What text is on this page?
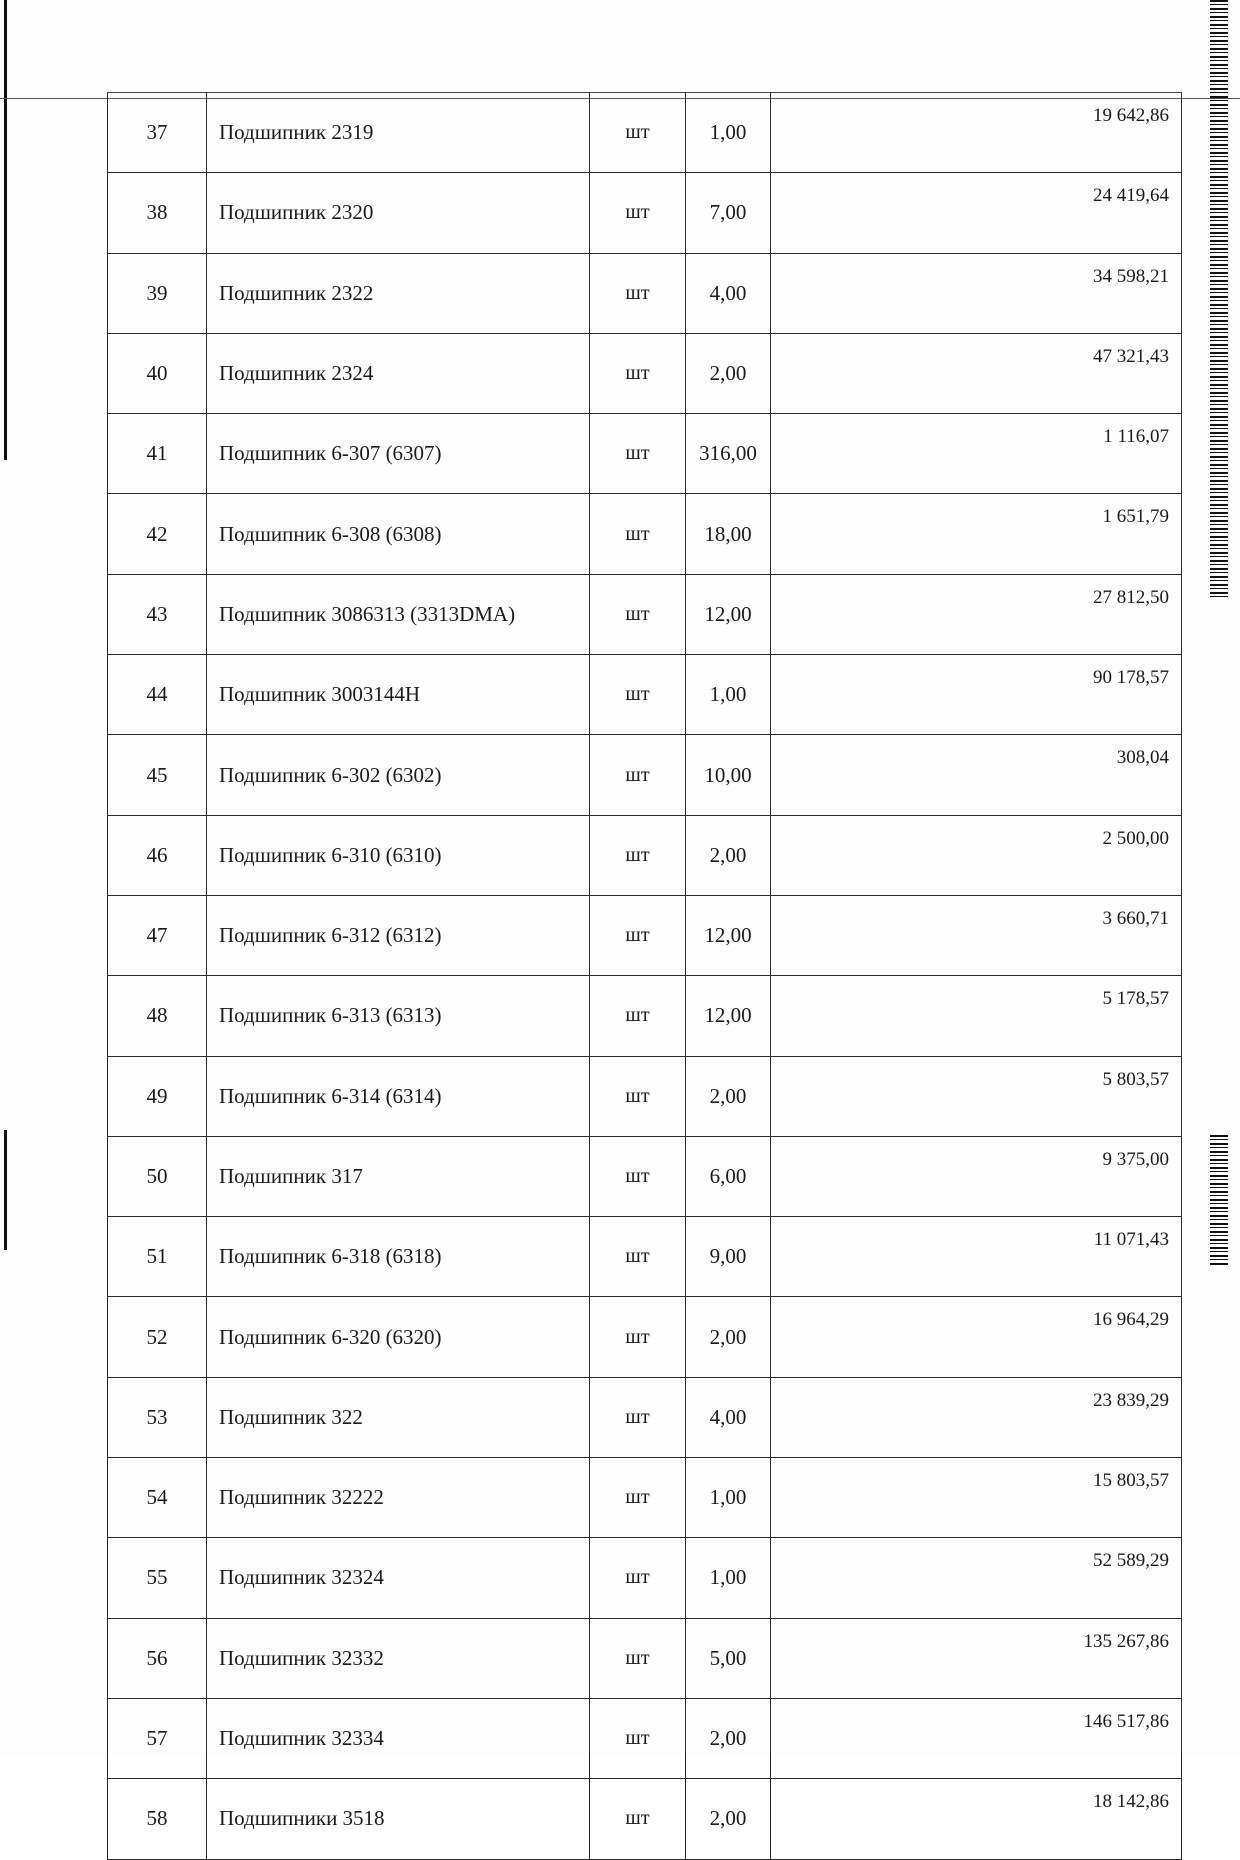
37	Подшипник 2319	шт	1,00	19 642,86
38	Подшипник 2320	шт	7,00	24 419,64
39	Подшипник 2322	шт	4,00	34 598,21
40	Подшипник 2324	шт	2,00	47 321,43
41	Подшипник 6-307 (6307)	шт	316,00	1 116,07
42	Подшипник 6-308 (6308)	шт	18,00	1 651,79
43	Подшипник 3086313 (3313DMA)	шт	12,00	27 812,50
44	Подшипник 3003144Н	шт	1,00	90 178,57
45	Подшипник 6-302 (6302)	шт	10,00	308,04
46	Подшипник 6-310 (6310)	шт	2,00	2 500,00
47	Подшипник 6-312 (6312)	шт	12,00	3 660,71
48	Подшипник 6-313 (6313)	шт	12,00	5 178,57
49	Подшипник 6-314 (6314)	шт	2,00	5 803,57
50	Подшипник 317	шт	6,00	9 375,00
51	Подшипник 6-318 (6318)	шт	9,00	11 071,43
52	Подшипник 6-320 (6320)	шт	2,00	16 964,29
53	Подшипник 322	шт	4,00	23 839,29
54	Подшипник 32222	шт	1,00	15 803,57
55	Подшипник 32324	шт	1,00	52 589,29
56	Подшипник 32332	шт	5,00	135 267,86
57	Подшипник 32334	шт	2,00	146 517,86
58	Подшипники 3518	шт	2,00	18 142,86
